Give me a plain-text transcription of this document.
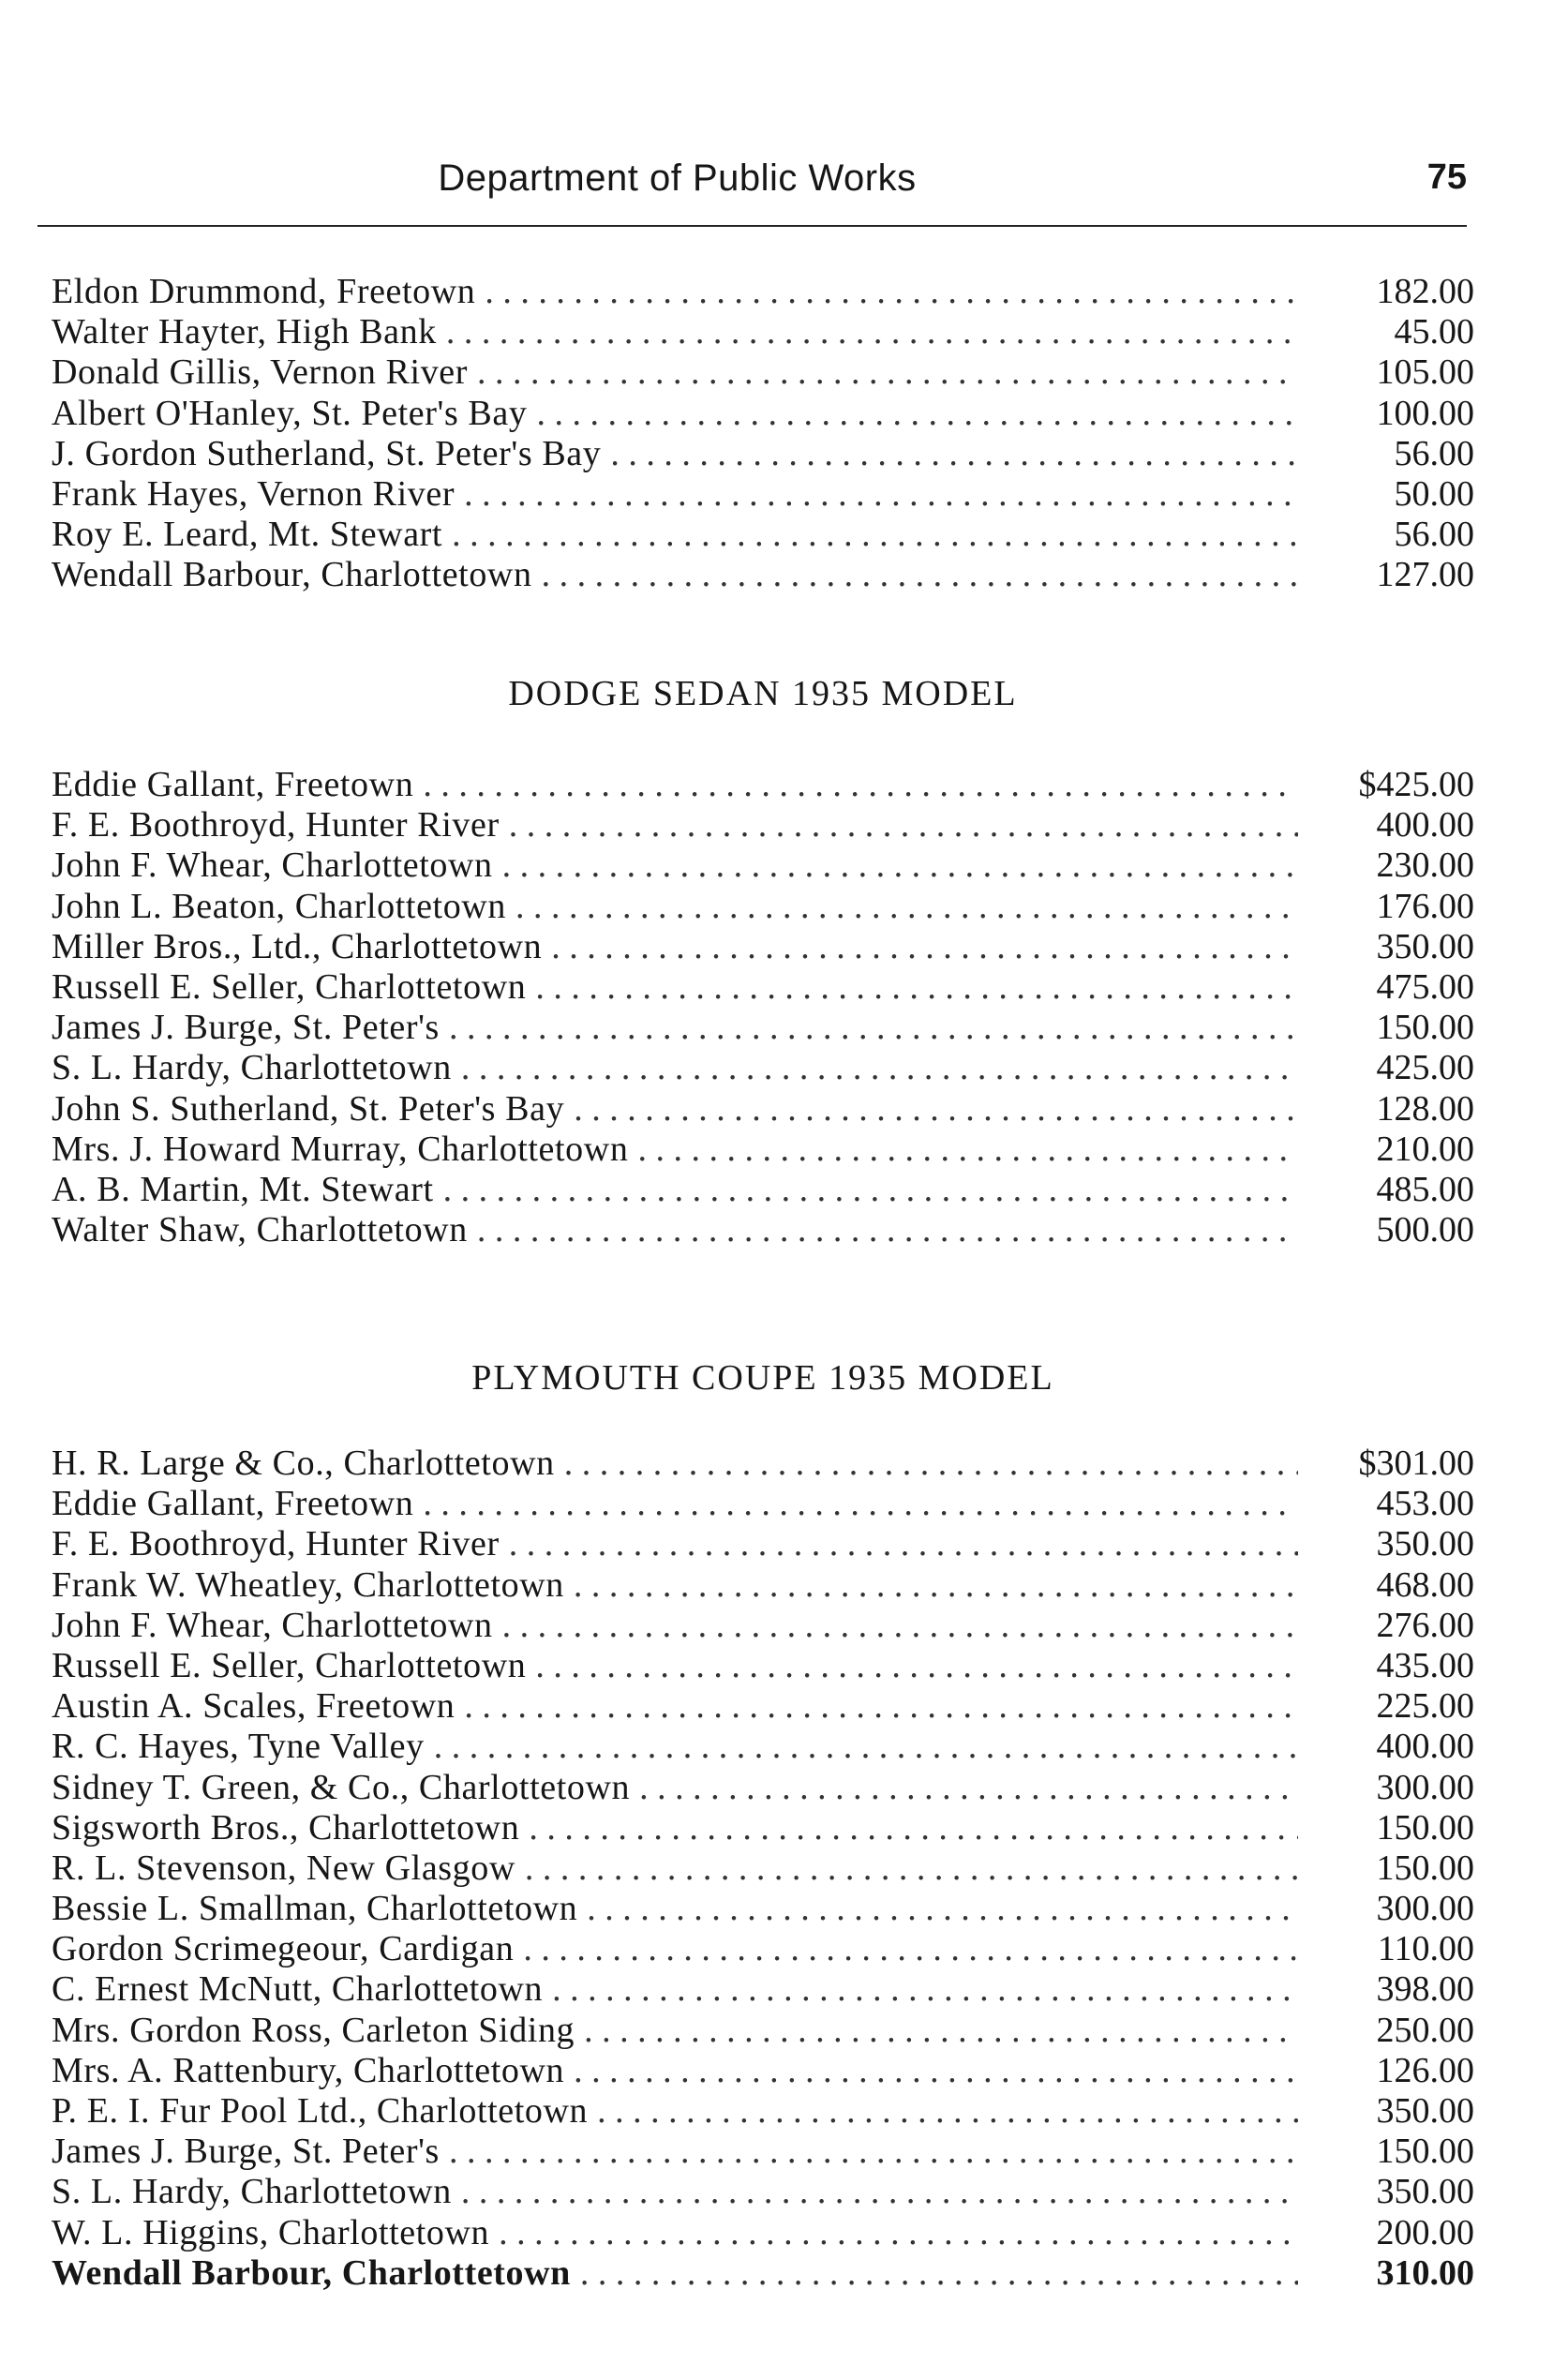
Department of Public Works	75
Eldon Drummond, Freetown . . .	182.00
Walter Hayter, High Bank . . .	45.00
Donald Gillis, Vernon River . . .	105.00
Albert O'Hanley, St. Peter's Bay . . .	100.00
J. Gordon Sutherland, St. Peter's Bay . . .	56.00
Frank Hayes, Vernon River . . .	50.00
Roy E. Leard, Mt. Stewart . . .	56.00
Wendall Barbour, Charlottetown . . .	127.00
DODGE SEDAN 1935 MODEL
Eddie Gallant, Freetown . . .	$425.00
F. E. Boothroyd, Hunter River . . .	400.00
John F. Whear, Charlottetown . . .	230.00
John L. Beaton, Charlottetown . . .	176.00
Miller Bros., Ltd., Charlottetown . . .	350.00
Russell E. Seller, Charlottetown . . .	475.00
James J. Burge, St. Peter's . . .	150.00
S. L. Hardy, Charlottetown . . .	425.00
John S. Sutherland, St. Peter's Bay . . .	128.00
Mrs. J. Howard Murray, Charlottetown . . .	210.00
A. B. Martin, Mt. Stewart . . .	485.00
Walter Shaw, Charlottetown . . .	500.00
PLYMOUTH COUPE 1935 MODEL
H. R. Large & Co., Charlottetown . . .	$301.00
Eddie Gallant, Freetown . . .	453.00
F. E. Boothroyd, Hunter River . . .	350.00
Frank W. Wheatley, Charlottetown . . .	468.00
John F. Whear, Charlottetown . . .	276.00
Russell E. Seller, Charlottetown . . .	435.00
Austin A. Scales, Freetown . . .	225.00
R. C. Hayes, Tyne Valley . . .	400.00
Sidney T. Green, & Co., Charlottetown . . .	300.00
Sigsworth Bros., Charlottetown . . .	150.00
R. L. Stevenson, New Glasgow . . .	150.00
Bessie L. Smallman, Charlottetown . . .	300.00
Gordon Scrimegeour, Cardigan . . .	110.00
C. Ernest McNutt, Charlottetown . . .	398.00
Mrs. Gordon Ross, Carleton Siding . . .	250.00
Mrs. A. Rattenbury, Charlottetown . . .	126.00
P. E. I. Fur Pool Ltd., Charlottetown . . .	350.00
James J. Burge, St. Peter's . . .	150.00
S. L. Hardy, Charlottetown . . .	350.00
W. L. Higgins, Charlottetown . . .	200.00
Wendall Barbour, Charlottetown . . .	310.00
